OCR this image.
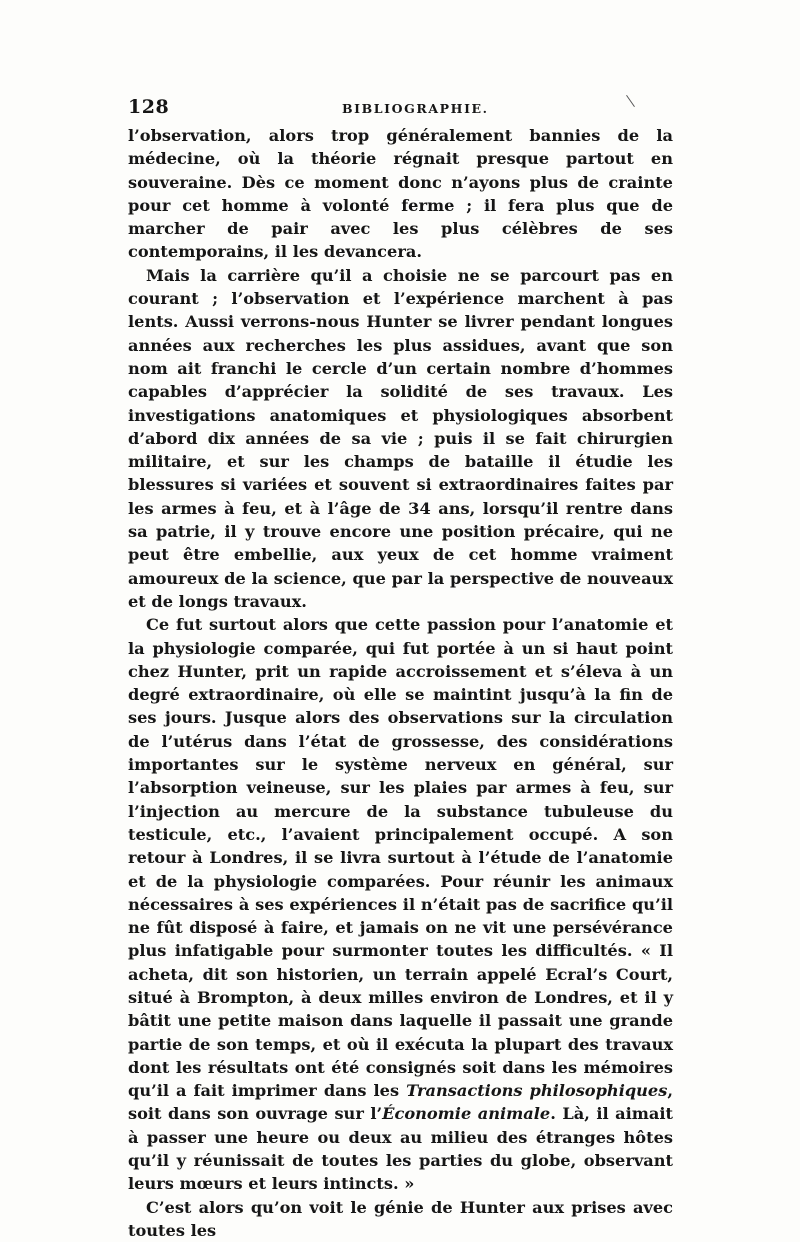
128	BIBLIOGRAPHIE.

l’observation, alors trop généralement bannies de la médecine, où la théorie régnait presque partout en souveraine. Dès ce moment donc n’ayons plus de crainte pour cet homme à volonté ferme ; il fera plus que de marcher de pair avec les plus célèbres de ses contemporains, il les devancera.

Mais la carrière qu’il a choisie ne se parcourt pas en courant ; l’observation et l’expérience marchent à pas lents. Aussi verrons-nous Hunter se livrer pendant longues années aux recherches les plus assidues, avant que son nom ait franchi le cercle d’un certain nombre d’hommes capables d’apprécier la solidité de ses travaux. Les investigations anatomiques et physiologiques absorbent d’abord dix années de sa vie ; puis il se fait chirurgien militaire, et sur les champs de bataille il étudie les blessures si variées et souvent si extraordinaires faites par les armes à feu, et à l’âge de 34 ans, lorsqu’il rentre dans sa patrie, il y trouve encore une position précaire, qui ne peut être embellie, aux yeux de cet homme vraiment amoureux de la science, que par la perspective de nouveaux et de longs travaux.

Ce fut surtout alors que cette passion pour l’anatomie et la physiologie comparée, qui fut portée à un si haut point chez Hunter, prit un rapide accroissement et s’éleva à un degré extraordinaire, où elle se maintint jusqu’à la fin de ses jours. Jusque alors des observations sur la circulation de l’utérus dans l’état de grossesse, des considérations importantes sur le système nerveux en général, sur l’absorption veineuse, sur les plaies par armes à feu, sur l’injection au mercure de la substance tubuleuse du testicule, etc., l’avaient principalement occupé. A son retour à Londres, il se livra surtout à l’étude de l’anatomie et de la physiologie comparées. Pour réunir les animaux nécessaires à ses expériences il n’était pas de sacrifice qu’il ne fût disposé à faire, et jamais on ne vit une persévérance plus infatigable pour surmonter toutes les difficultés. « Il acheta, dit son historien, un terrain appelé Ecral’s Court, situé à Brompton, à deux milles environ de Londres, et il y bâtit une petite maison dans laquelle il passait une grande partie de son temps, et où il exécuta la plupart des travaux dont les résultats ont été consignés soit dans les mémoires qu’il a fait imprimer dans les Transactions philosophiques, soit dans son ouvrage sur l’Économie animale. Là, il aimait à passer une heure ou deux au milieu des étranges hôtes qu’il y réunissait de toutes les parties du globe, observant leurs mœurs et leurs intincts. »

C’est alors qu’on voit le génie de Hunter aux prises avec toutes les
